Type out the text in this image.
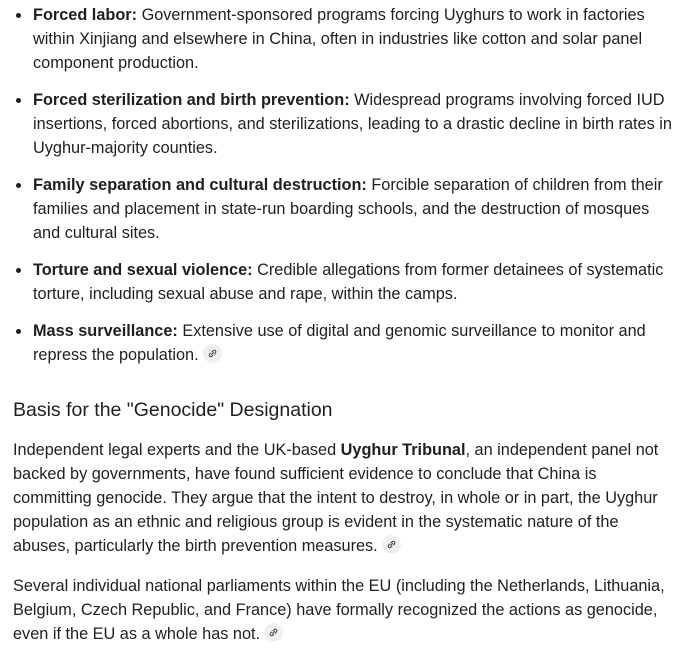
Forced labor: Government-sponsored programs forcing Uyghurs to work in factories within Xinjiang and elsewhere in China, often in industries like cotton and solar panel component production.
Forced sterilization and birth prevention: Widespread programs involving forced IUD insertions, forced abortions, and sterilizations, leading to a drastic decline in birth rates in Uyghur-majority counties.
Family separation and cultural destruction: Forcible separation of children from their families and placement in state-run boarding schools, and the destruction of mosques and cultural sites.
Torture and sexual violence: Credible allegations from former detainees of systematic torture, including sexual abuse and rape, within the camps.
Mass surveillance: Extensive use of digital and genomic surveillance to monitor and repress the population.
Basis for the "Genocide" Designation

Independent legal experts and the UK-based Uyghur Tribunal, an independent panel not backed by governments, have found sufficient evidence to conclude that China is committing genocide. They argue that the intent to destroy, in whole or in part, the Uyghur population as an ethnic and religious group is evident in the systematic nature of the abuses, particularly the birth prevention measures.

Several individual national parliaments within the EU (including the Netherlands, Lithuania, Belgium, Czech Republic, and France) have formally recognized the actions as genocide, even if the EU as a whole has not.
